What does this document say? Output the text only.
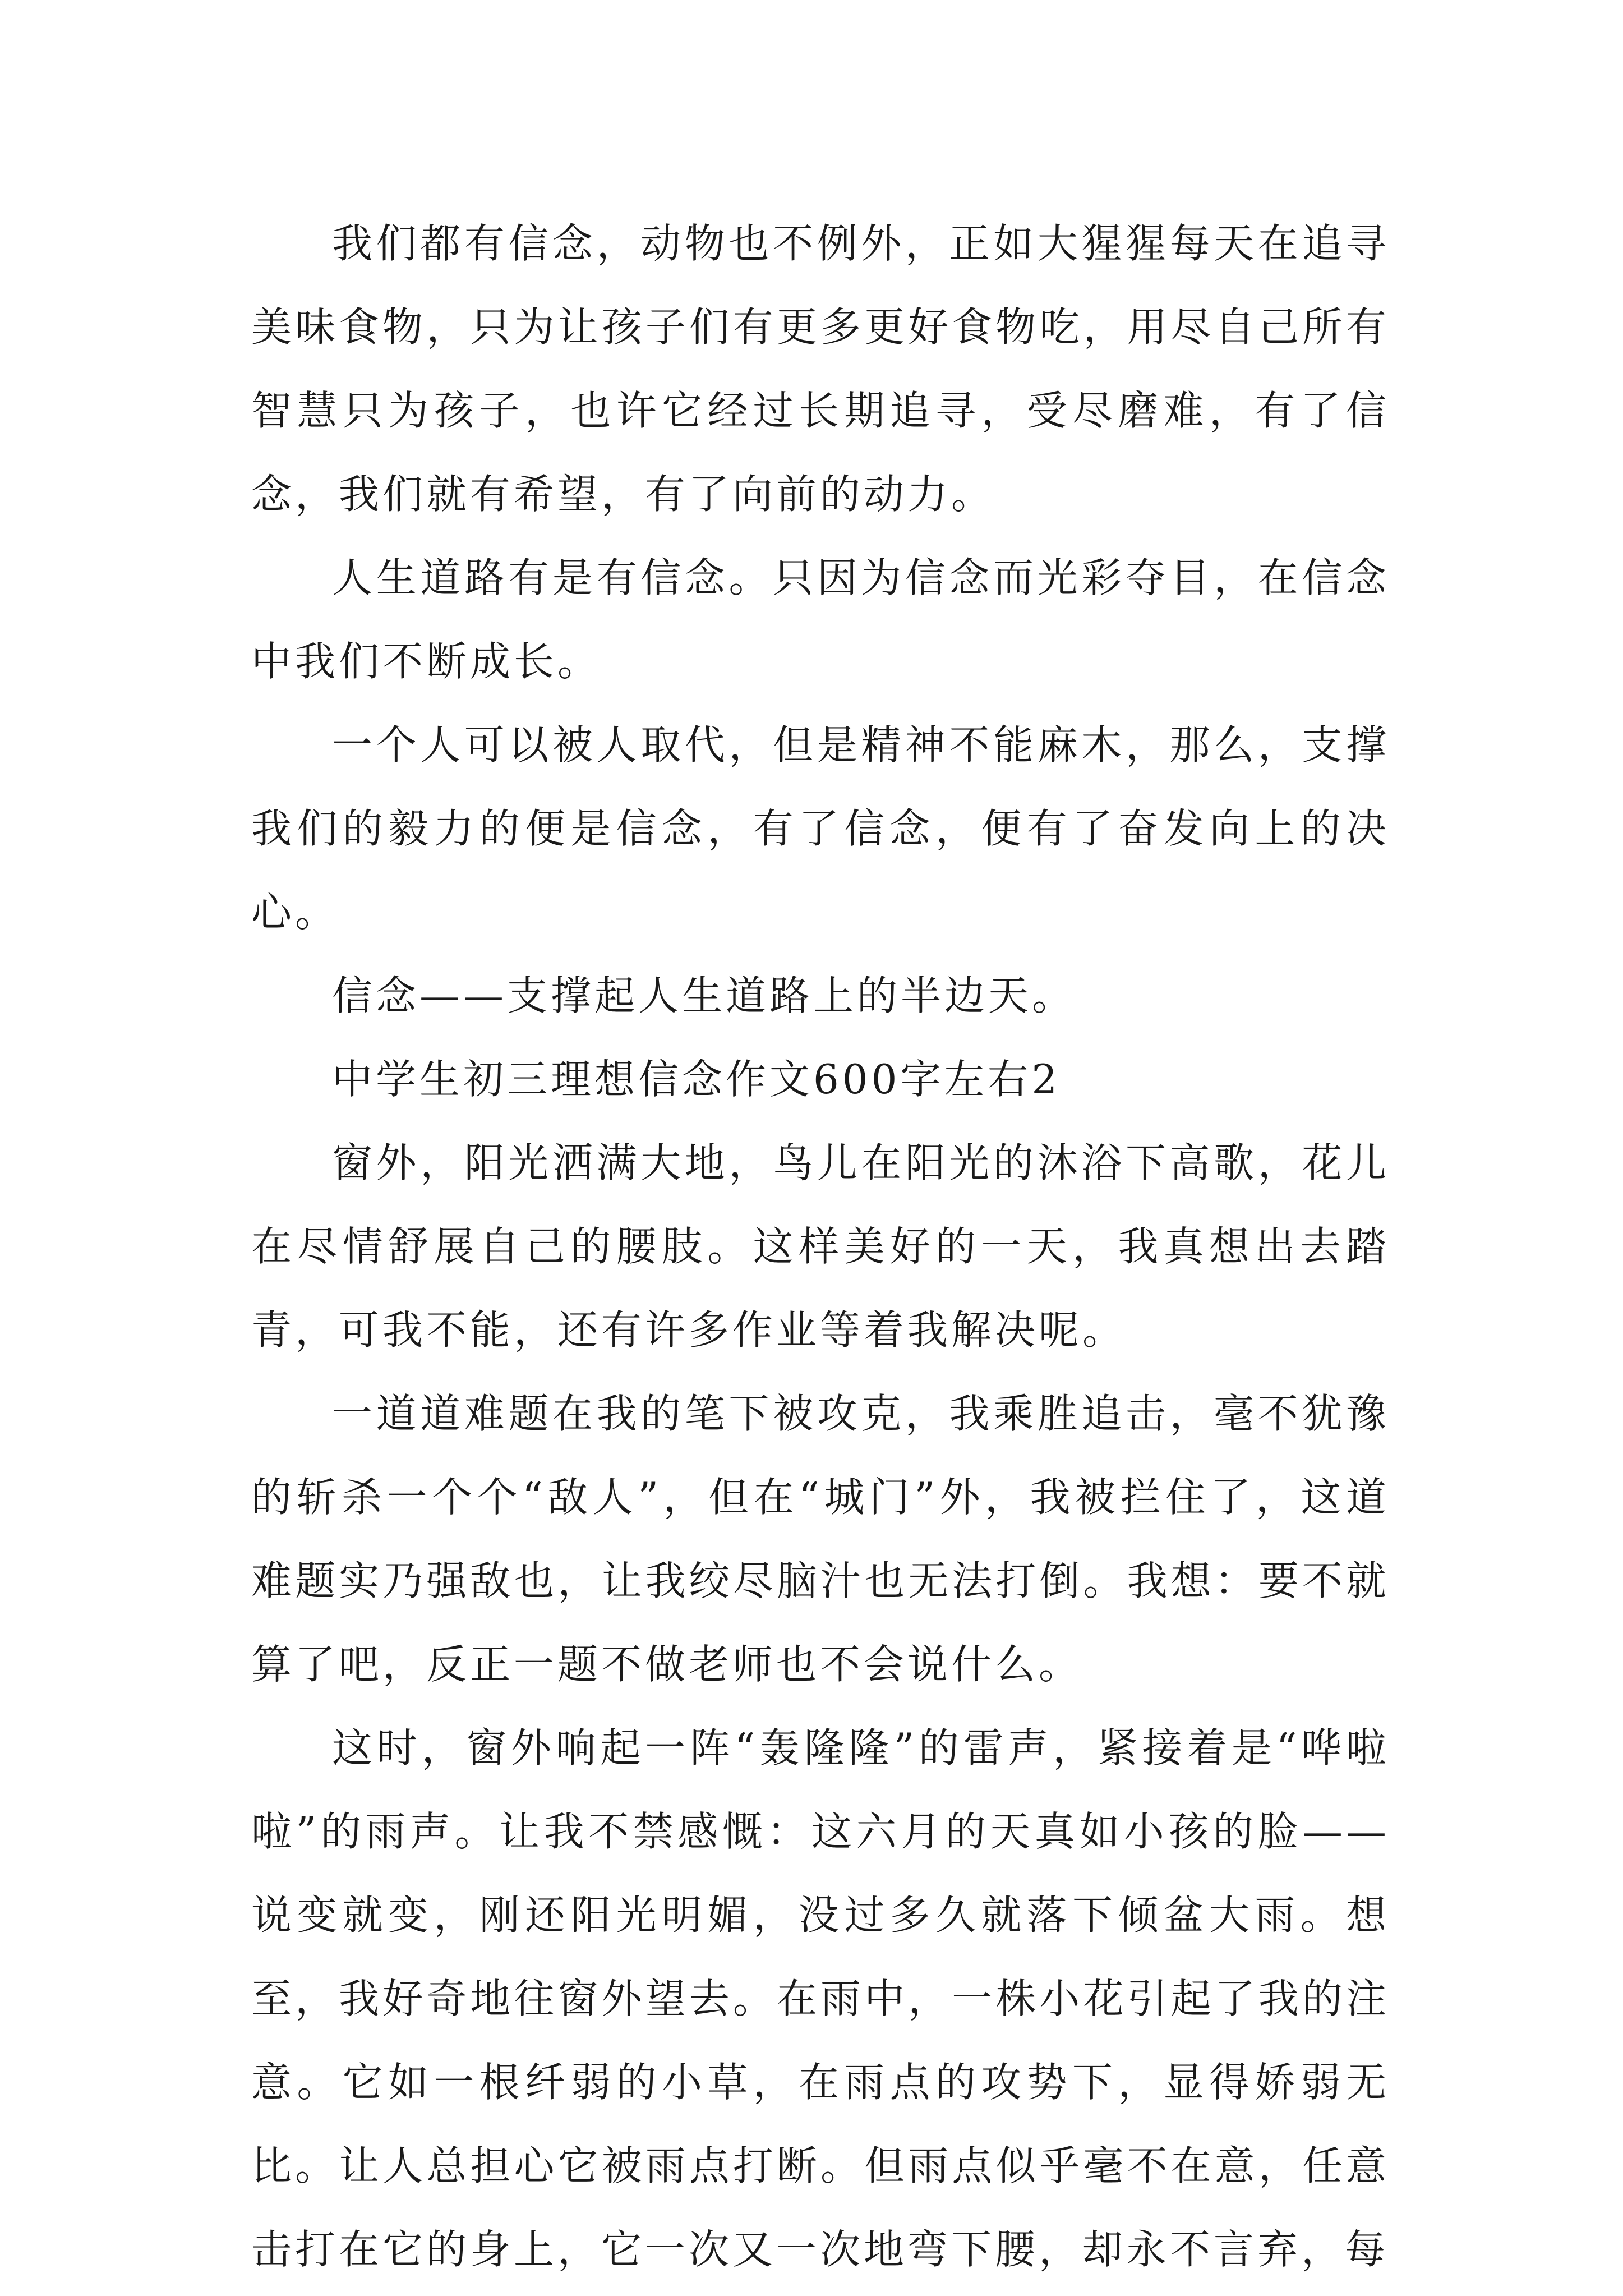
我们都有信念，动物也不例外，正如大猩猩每天在追寻美味食物，只为让孩子们有更多更好食物吃，用尽自己所有智慧只为孩子，也许它经过长期追寻，受尽磨难，有了信念，我们就有希望，有了向前的动力。

人生道路有是有信念。只因为信念而光彩夺目，在信念中我们不断成长。

一个人可以被人取代，但是精神不能麻木，那么，支撑我们的毅力的便是信念，有了信念，便有了奋发向上的决心。

信念——支撑起人生道路上的半边天。

中学生初三理想信念作文600字左右2

窗外，阳光洒满大地，鸟儿在阳光的沐浴下高歌，花儿在尽情舒展自己的腰肢。这样美好的一天，我真想出去踏青，可我不能，还有许多作业等着我解决呢。

一道道难题在我的笔下被攻克，我乘胜追击，毫不犹豫的斩杀一个个“敌人”，但在“城门”外，我被拦住了，这道难题实乃强敌也，让我绞尽脑汁也无法打倒。我想：要不就算了吧，反正一题不做老师也不会说什么。

这时，窗外响起一阵“轰隆隆”的雷声，紧接着是“哗啦啦”的雨声。让我不禁感慨：这六月的天真如小孩的脸——说变就变，刚还阳光明媚，没过多久就落下倾盆大雨。想至，我好奇地往窗外望去。在雨中，一株小花引起了我的注意。它如一根纤弱的小草，在雨点的攻势下，显得娇弱无比。让人总担心它被雨点打断。但雨点似乎毫不在意，任意击打在它的身上，它一次又一次地弯下腰，却永不言弃，每
